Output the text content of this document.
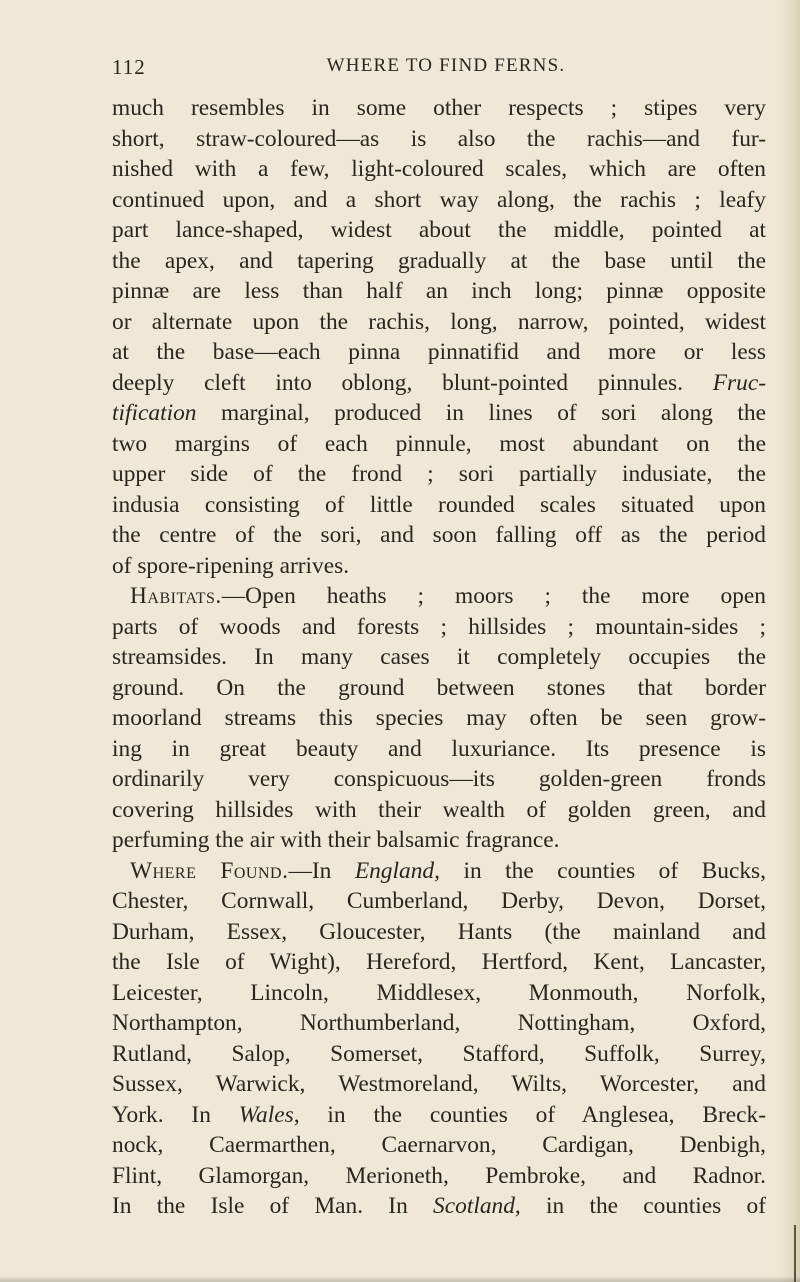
112	WHERE TO FIND FERNS.
much resembles in some other respects ; stipes very
short, straw-coloured—as is also the rachis—and fur-
nished with a few, light-coloured scales, which are often
continued upon, and a short way along, the rachis ; leafy
part lance-shaped, widest about the middle, pointed at
the apex, and tapering gradually at the base until the
pinnæ are less than half an inch long; pinnæ opposite
or alternate upon the rachis, long, narrow, pointed, widest
at the base—each pinna pinnatifid and more or less
deeply cleft into oblong, blunt-pointed pinnules. Fruc-
tification marginal, produced in lines of sori along the
two margins of each pinnule, most abundant on the
upper side of the frond ; sori partially indusiate, the
indusia consisting of little rounded scales situated upon
the centre of the sori, and soon falling off as the period
of spore-ripening arrives.
Habitats.—Open heaths ; moors ; the more open
parts of woods and forests ; hillsides ; mountain-sides ;
streamsides. In many cases it completely occupies the
ground. On the ground between stones that border
moorland streams this species may often be seen grow-
ing in great beauty and luxuriance. Its presence is
ordinarily very conspicuous—its golden-green fronds
covering hillsides with their wealth of golden green, and
perfuming the air with their balsamic fragrance.
Where Found.—In England, in the counties of Bucks,
Chester, Cornwall, Cumberland, Derby, Devon, Dorset,
Durham, Essex, Gloucester, Hants (the mainland and
the Isle of Wight), Hereford, Hertford, Kent, Lancaster,
Leicester, Lincoln, Middlesex, Monmouth, Norfolk,
Northampton, Northumberland, Nottingham, Oxford,
Rutland, Salop, Somerset, Stafford, Suffolk, Surrey,
Sussex, Warwick, Westmoreland, Wilts, Worcester, and
York. In Wales, in the counties of Anglesea, Breck-
nock, Caermarthen, Caernarvon, Cardigan, Denbigh,
Flint, Glamorgan, Merioneth, Pembroke, and Radnor.
In the Isle of Man. In Scotland, in the counties of
